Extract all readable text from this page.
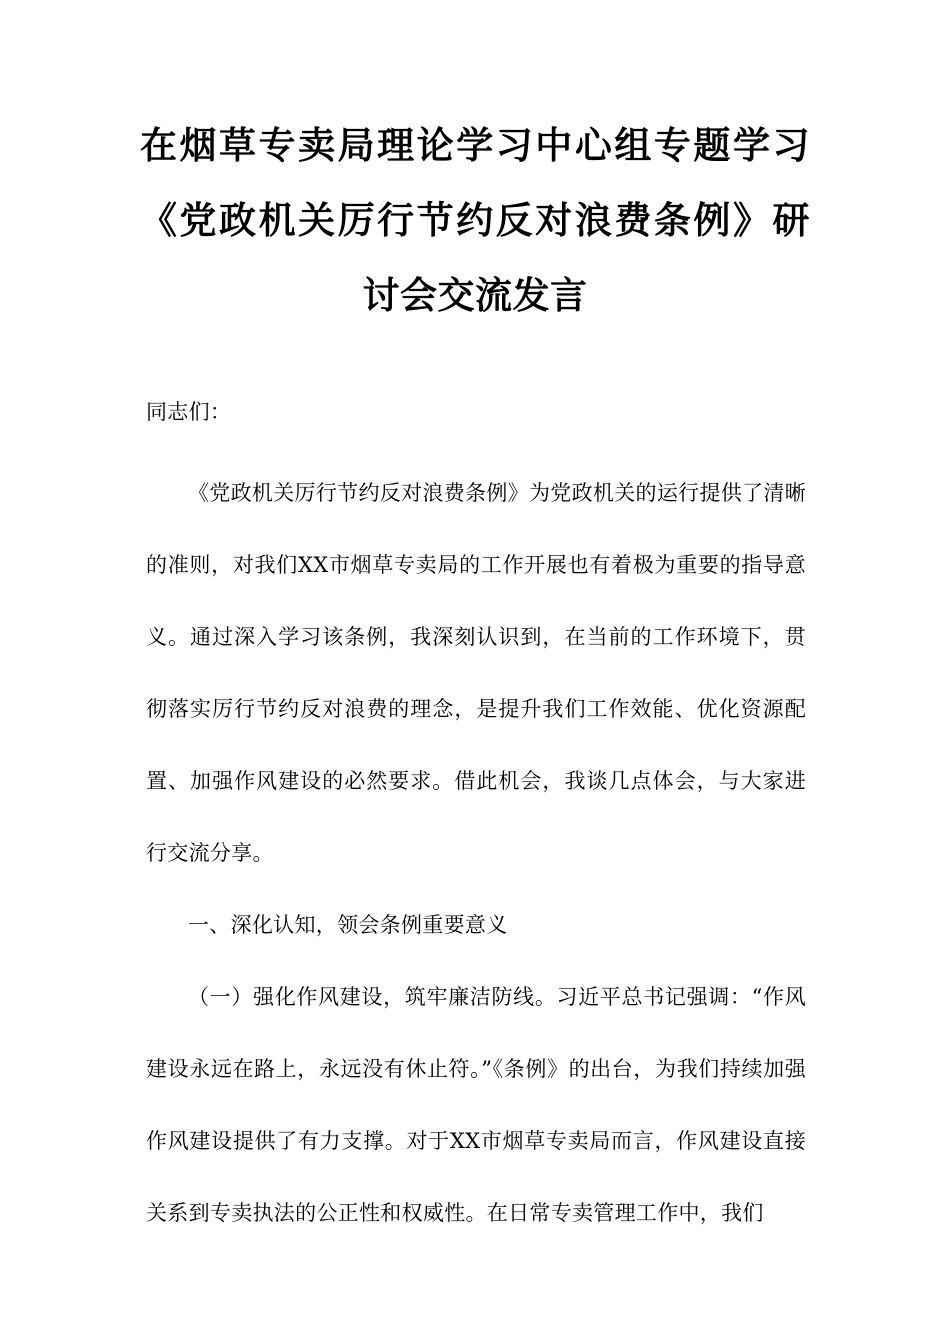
在烟草专卖局理论学习中心组专题学习《党政机关厉行节约反对浪费条例》研讨会交流发言

同志们：

《党政机关厉行节约反对浪费条例》为党政机关的运行提供了清晰的准则，对我们XX市烟草专卖局的工作开展也有着极为重要的指导意义。通过深入学习该条例，我深刻认识到，在当前的工作环境下，贯彻落实厉行节约反对浪费的理念，是提升我们工作效能、优化资源配置、加强作风建设的必然要求。借此机会，我谈几点体会，与大家进行交流分享。

一、深化认知，领会条例重要意义

（一）强化作风建设，筑牢廉洁防线。习近平总书记强调：“作风建设永远在路上，永远没有休止符。”《条例》的出台，为我们持续加强作风建设提供了有力支撑。对于XX市烟草专卖局而言，作风建设直接关系到专卖执法的公正性和权威性。在日常专卖管理工作中，我们
